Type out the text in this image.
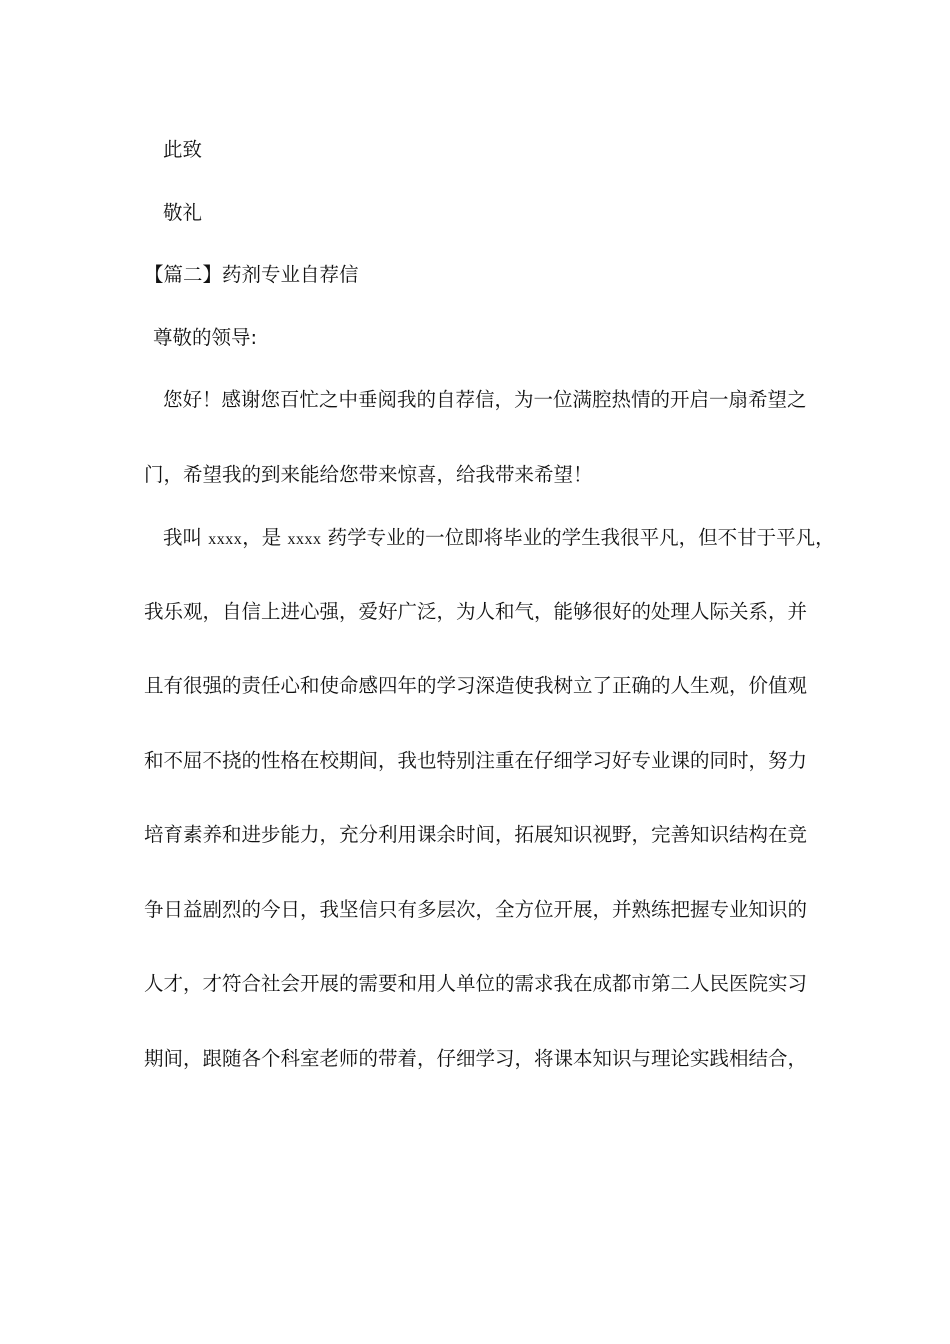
此致
敬礼
【篇二】药剂专业自荐信
尊敬的领导:
您好！感谢您百忙之中垂阅我的自荐信，为一位满腔热情的开启一扇希望之
门，希望我的到来能给您带来惊喜，给我带来希望！
我叫 xxxx，是 xxxx 药学专业的一位即将毕业的学生我很平凡，但不甘于平凡，
我乐观，自信上进心强，爱好广泛，为人和气，能够很好的处理人际关系，并
且有很强的责任心和使命感四年的学习深造使我树立了正确的人生观，价值观
和不屈不挠的性格在校期间，我也特别注重在仔细学习好专业课的同时，努力
培育素养和进步能力，充分利用课余时间，拓展知识视野，完善知识结构在竞
争日益剧烈的今日，我坚信只有多层次，全方位开展，并熟练把握专业知识的
人才，才符合社会开展的需要和用人单位的需求我在成都市第二人民医院实习
期间，跟随各个科室老师的带着，仔细学习，将课本知识与理论实践相结合，
